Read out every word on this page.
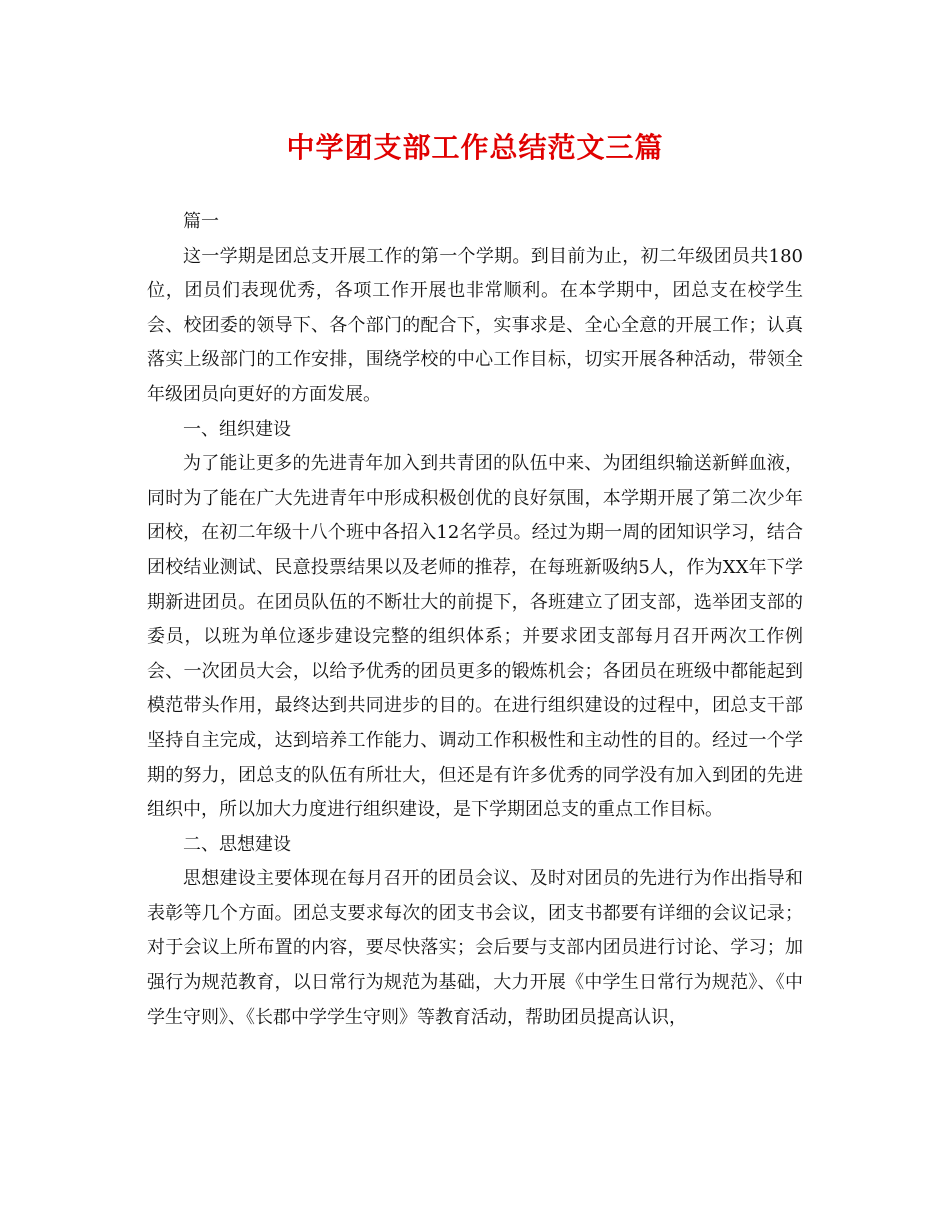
中学团支部工作总结范文三篇

篇一

这一学期是团总支开展工作的第一个学期。到目前为止，初二年级团员共180位，团员们表现优秀，各项工作开展也非常顺利。在本学期中，团总支在校学生会、校团委的领导下、各个部门的配合下，实事求是、全心全意的开展工作；认真落实上级部门的工作安排，围绕学校的中心工作目标，切实开展各种活动，带领全年级团员向更好的方面发展。

一、组织建设

为了能让更多的先进青年加入到共青团的队伍中来、为团组织输送新鲜血液，同时为了能在广大先进青年中形成积极创优的良好氛围，本学期开展了第二次少年团校，在初二年级十八个班中各招入12名学员。经过为期一周的团知识学习，结合团校结业测试、民意投票结果以及老师的推荐，在每班新吸纳5人，作为XX年下学期新进团员。在团员队伍的不断壮大的前提下，各班建立了团支部，选举团支部的委员，以班为单位逐步建设完整的组织体系；并要求团支部每月召开两次工作例会、一次团员大会，以给予优秀的团员更多的锻炼机会；各团员在班级中都能起到模范带头作用，最终达到共同进步的目的。在进行组织建设的过程中，团总支干部坚持自主完成，达到培养工作能力、调动工作积极性和主动性的目的。经过一个学期的努力，团总支的队伍有所壮大，但还是有许多优秀的同学没有加入到团的先进组织中，所以加大力度进行组织建设，是下学期团总支的重点工作目标。

二、思想建设

思想建设主要体现在每月召开的团员会议、及时对团员的先进行为作出指导和表彰等几个方面。团总支要求每次的团支书会议，团支书都要有详细的会议记录；对于会议上所布置的内容，要尽快落实；会后要与支部内团员进行讨论、学习；加强行为规范教育，以日常行为规范为基础，大力开展《中学生日常行为规范》、《中学生守则》、《长郡中学学生守则》等教育活动，帮助团员提高认识，
